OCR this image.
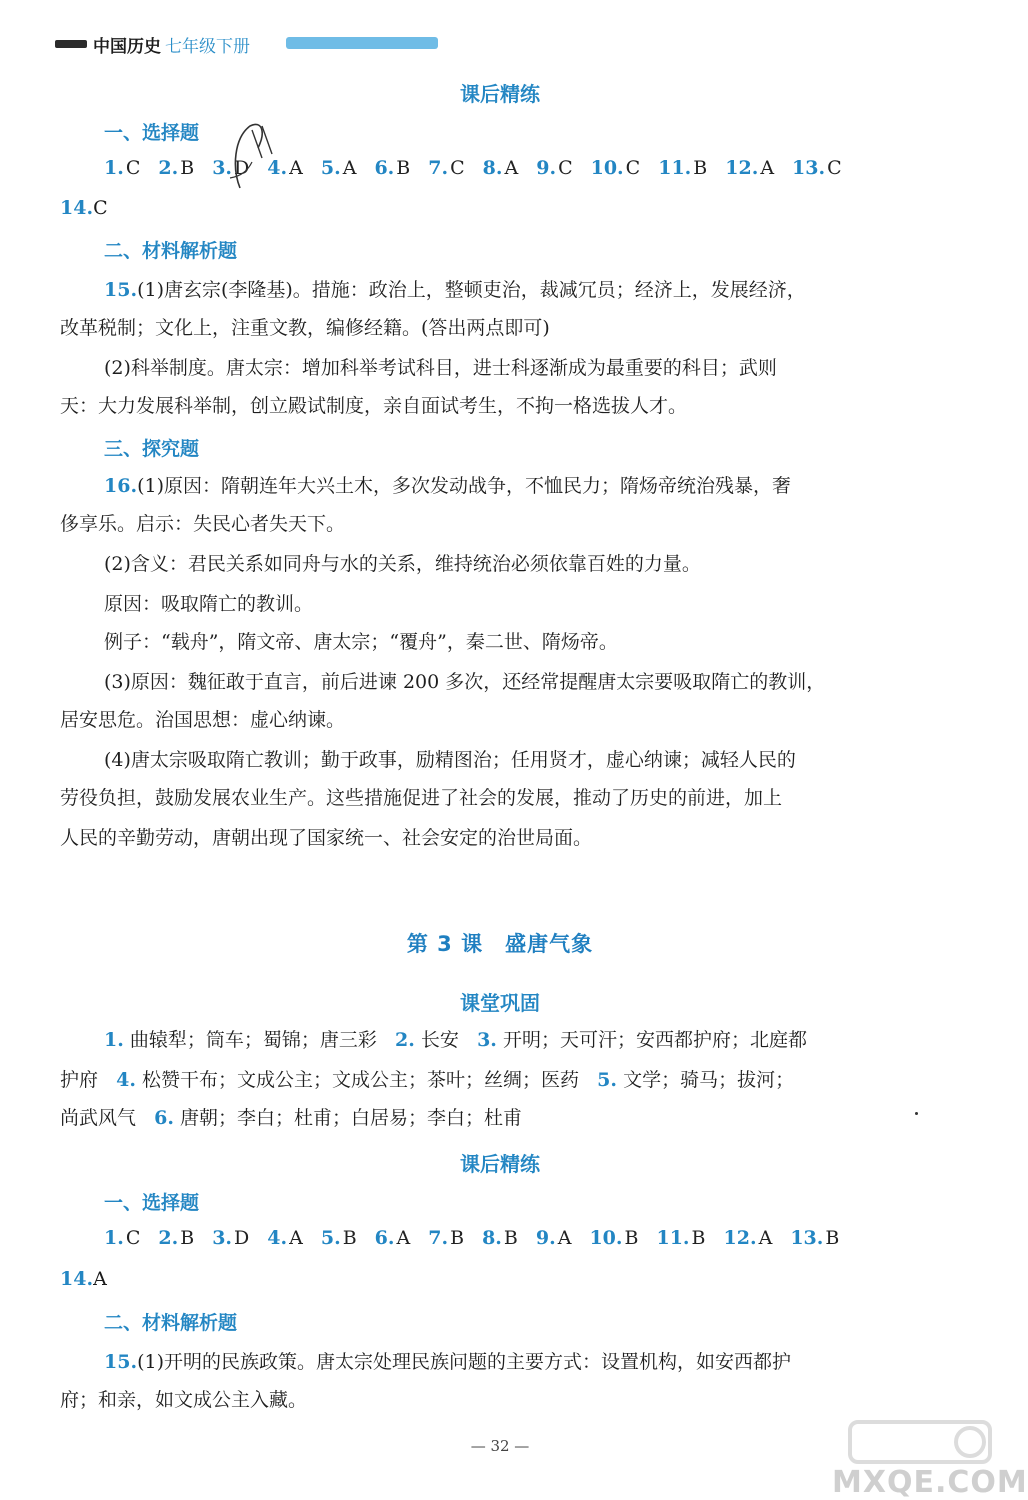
中国历史 七年级下册
课后精练
一、选择题
1. C 2. B 3. D 4. A 5. A 6. B 7. C 8. A 9. C 10. C 11. B 12. A 13. C
14.C
二、材料解析题
15.(1)唐玄宗(李隆基)。措施：政治上，整顿吏治，裁减冗员；经济上，发展经济，
改革税制；文化上，注重文教，编修经籍。(答出两点即可)
(2)科举制度。唐太宗：增加科举考试科目，进士科逐渐成为最重要的科目；武则
天：大力发展科举制，创立殿试制度，亲自面试考生，不拘一格选拔人才。
三、探究题
16.(1)原因：隋朝连年大兴土木，多次发动战争，不恤民力；隋炀帝统治残暴，奢
侈享乐。启示：失民心者失天下。
(2)含义：君民关系如同舟与水的关系，维持统治必须依靠百姓的力量。
原因：吸取隋亡的教训。
例子：“载舟”，隋文帝、唐太宗；“覆舟”，秦二世、隋炀帝。
(3)原因：魏征敢于直言，前后进谏 200 多次，还经常提醒唐太宗要吸取隋亡的教训，
居安思危。治国思想：虚心纳谏。
(4)唐太宗吸取隋亡教训；勤于政事，励精图治；任用贤才，虚心纳谏；减轻人民的
劳役负担，鼓励发展农业生产。这些措施促进了社会的发展，推动了历史的前进，加上
人民的辛勤劳动，唐朝出现了国家统一、社会安定的治世局面。
第 3 课 盛唐气象
课堂巩固
1. 曲辕犁；筒车；蜀锦；唐三彩 2. 长安 3. 开明；天可汗；安西都护府；北庭都
护府 4. 松赞干布；文成公主；文成公主；茶叶；丝绸；医药 5. 文学；骑马；拔河；
尚武风气 6. 唐朝；李白；杜甫；白居易；李白；杜甫
课后精练
一、选择题
1. C 2. B 3. D 4. A 5. B 6. A 7. B 8. B 9. A 10. B 11. B 12. A 13. B
14.A
二、材料解析题
15.(1)开明的民族政策。唐太宗处理民族问题的主要方式：设置机构，如安西都护
府；和亲，如文成公主入藏。
— 32 —
MXQE.COM
